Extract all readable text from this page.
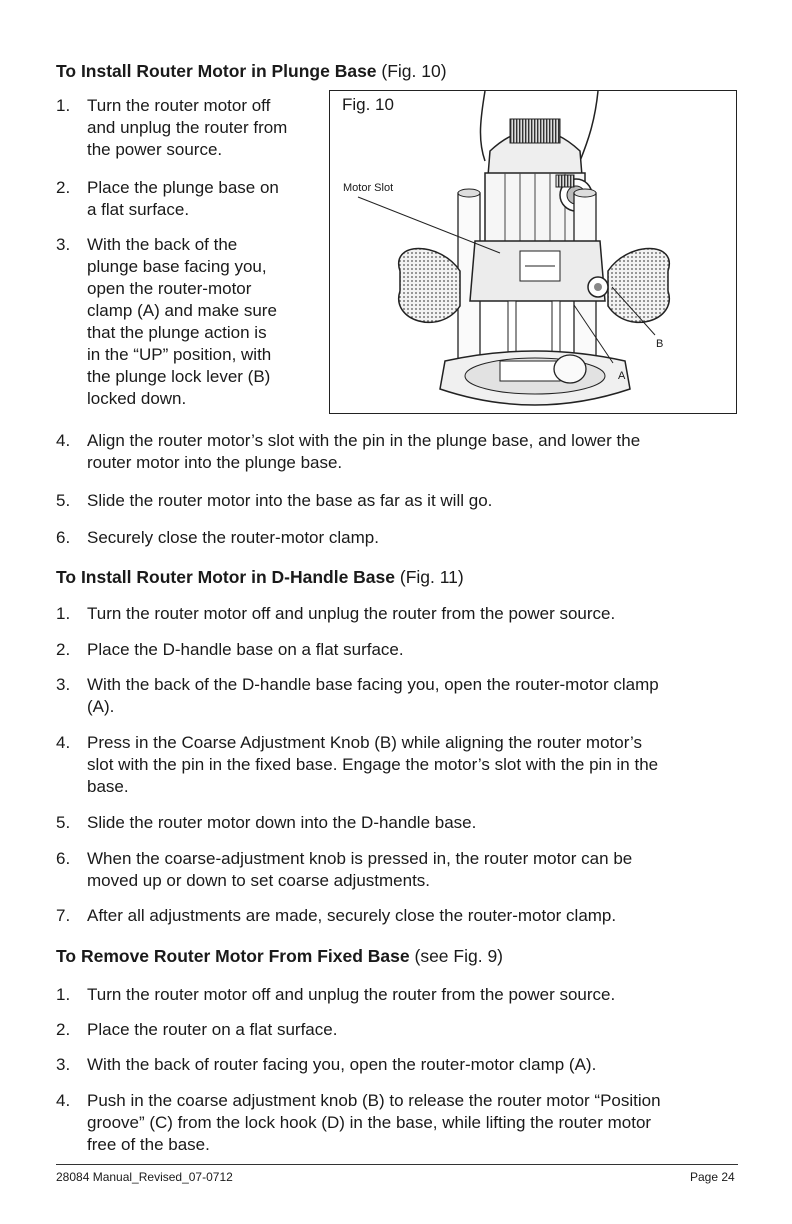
To Install Router Motor in Plunge Base (Fig. 10)
1. Turn the router motor off
and unplug the router from
the power source.
2. Place the plunge base on
a flat surface.
3. With the back of the
plunge base facing you,
open the router-motor
clamp (A) and make sure
that the plunge action is
in the “UP” position, with
the plunge lock lever (B)
locked down.
4. Align the router motor’s slot with the pin in the plunge base, and lower the
router motor into the plunge base.
5. Slide the router motor into the base as far as it will go.
6. Securely close the router-motor clamp.
Fig. 10
Motor Slot
B
A
To Install Router Motor in D-Handle Base (Fig. 11)
1. Turn the router motor off and unplug the router from the power source.
2. Place the D-handle base on a flat surface.
3. With the back of the D-handle base facing you, open the router-motor clamp
(A).
4. Press in the Coarse Adjustment Knob (B) while aligning the router motor’s
slot with the pin in the fixed base. Engage the motor’s slot with the pin in the
base.
5. Slide the router motor down into the D-handle base.
6. When the coarse-adjustment knob is pressed in, the router motor can be
moved up or down to set coarse adjustments.
7. After all adjustments are made, securely close the router-motor clamp.
To Remove Router Motor From Fixed Base (see Fig. 9)
1. Turn the router motor off and unplug the router from the power source.
2. Place the router on a flat surface.
3. With the back of router facing you, open the router-motor clamp (A).
4. Push in the coarse adjustment knob (B) to release the router motor “Position
groove” (C) from the lock hook (D) in the base, while lifting the router motor
free of the base.
28084 Manual_Revised_07-0712	Page 24
